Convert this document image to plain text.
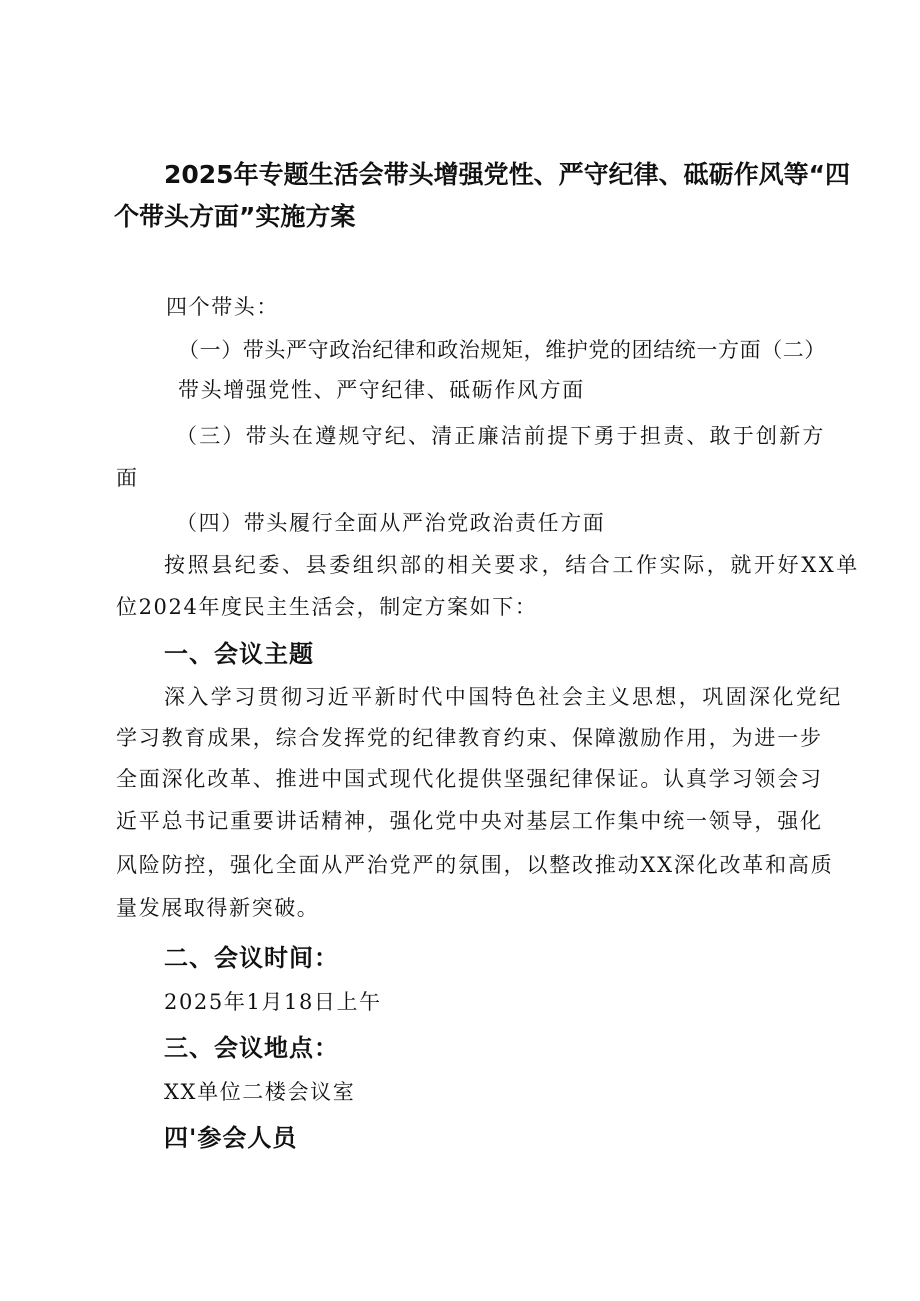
2025年专题生活会带头增强党性、严守纪律、砥砺作风等“四
个带头方面”实施方案

四个带头：

（一）带头严守政治纪律和政治规矩，维护党的团结统一方面（二）

带头增强党性、严守纪律、砥砺作风方面

（三）带头在遵规守纪、清正廉洁前提下勇于担责、敢于创新方

面

（四）带头履行全面从严治党政治责任方面

按照县纪委、县委组织部的相关要求，结合工作实际，就开好XX单

位2024年度民主生活会，制定方案如下：

一、会议主题

深入学习贯彻习近平新时代中国特色社会主义思想，巩固深化党纪

学习教育成果，综合发挥党的纪律教育约束、保障激励作用，为进一步

全面深化改革、推进中国式现代化提供坚强纪律保证。认真学习领会习

近平总书记重要讲话精神，强化党中央对基层工作集中统一领导，强化

风险防控，强化全面从严治党严的氛围，以整改推动XX深化改革和高质

量发展取得新突破。

二、会议时间：

2025年1月18日上午

三、会议地点：

XX单位二楼会议室

四'参会人员
